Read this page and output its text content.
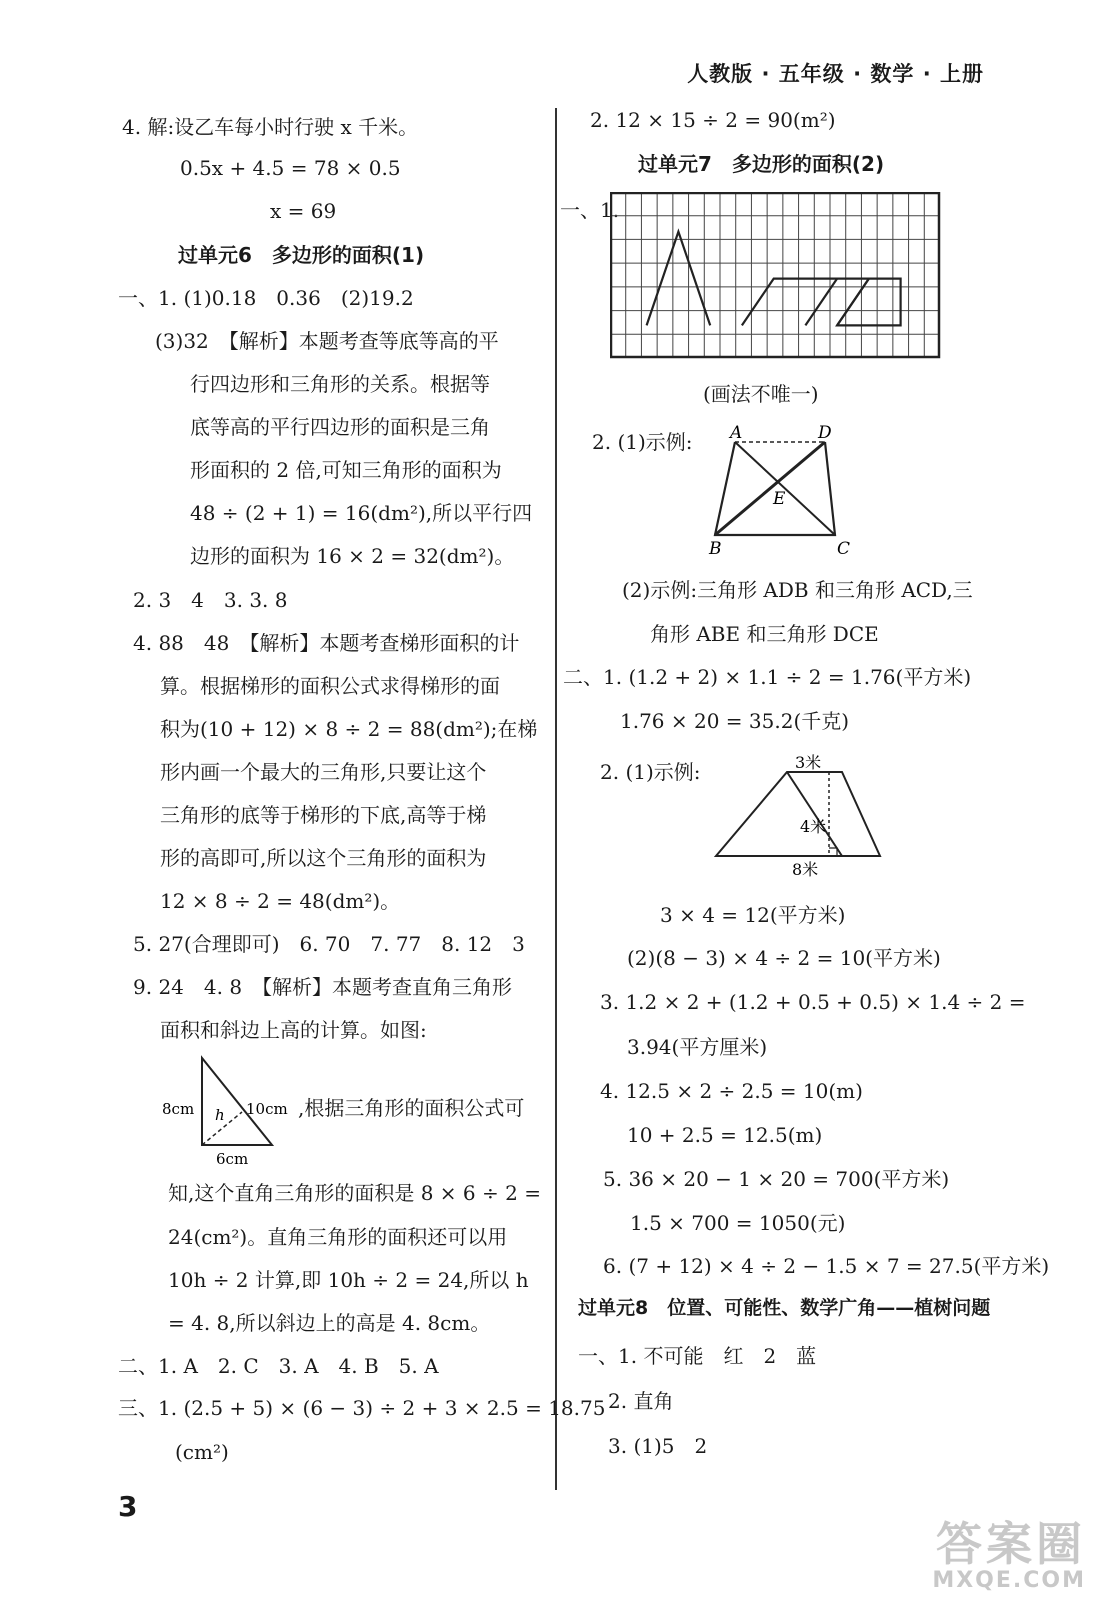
人教版 · 五年级 · 数学 · 上册
4. 解:设乙车每小时行驶 x 千米。
0.5x + 4.5 = 78 × 0.5
x = 69
过单元6　多边形的面积(1)
一、1. (1)0.18　0.36　(2)19.2
(3)32　【解析】本题考查等底等高的平
行四边形和三角形的关系。根据等
底等高的平行四边形的面积是三角
形面积的 2 倍,可知三角形的面积为
48 ÷ (2 + 1) = 16(dm²),所以平行四
边形的面积为 16 × 2 = 32(dm²)。
2. 3　4　3. 3. 8
4. 88　48　【解析】本题考查梯形面积的计
算。根据梯形的面积公式求得梯形的面
积为(10 + 12) × 8 ÷ 2 = 88(dm²);在梯
形内画一个最大的三角形,只要让这个
三角形的底等于梯形的下底,高等于梯
形的高即可,所以这个三角形的面积为
12 × 8 ÷ 2 = 48(dm²)。
5. 27(合理即可)　6. 70　7. 77　8. 12　3
9. 24　4. 8　【解析】本题考查直角三角形
面积和斜边上高的计算。如图:
8cm h
6cm
10cm ,根据三角形的面积公式可
知,这个直角三角形的面积是 8 × 6 ÷ 2 =
24(cm²)。直角三角形的面积还可以用
10h ÷ 2 计算,即 10h ÷ 2 = 24,所以 h
= 4. 8,所以斜边上的高是 4. 8cm。
二、1. A　2. C　3. A　4. B　5. A
三、1. (2.5 + 5) × (6 − 3) ÷ 2 + 3 × 2.5 = 18.75
(cm²)
2. 12 × 15 ÷ 2 = 90(m²)
过单元7　多边形的面积(2)
一、1.
(画法不唯一)
2. (1)示例: A	D
E
B	C
(2)示例:三角形 ADB 和三角形 ACD,三
角形 ABE 和三角形 DCE
二、1. (1.2 + 2) × 1.1 ÷ 2 = 1.76(平方米)
1.76 × 20 = 35.2(千克)
2. (1)示例:	3米
4米
8米
3 × 4 = 12(平方米)
(2)(8 − 3) × 4 ÷ 2 = 10(平方米)
3. 1.2 × 2 + (1.2 + 0.5 + 0.5) × 1.4 ÷ 2 =
3.94(平方厘米)
4. 12.5 × 2 ÷ 2.5 = 10(m)
10 + 2.5 = 12.5(m)
5. 36 × 20 − 1 × 20 = 700(平方米)
1.5 × 700 = 1050(元)
6. (7 + 12) × 4 ÷ 2 − 1.5 × 7 = 27.5(平方米)
过单元8　位置、可能性、数学广角——植树问题
一、1. 不可能　红　2　蓝
2. 直角
3. (1)5　2
3
答案圈
MXQE.COM
